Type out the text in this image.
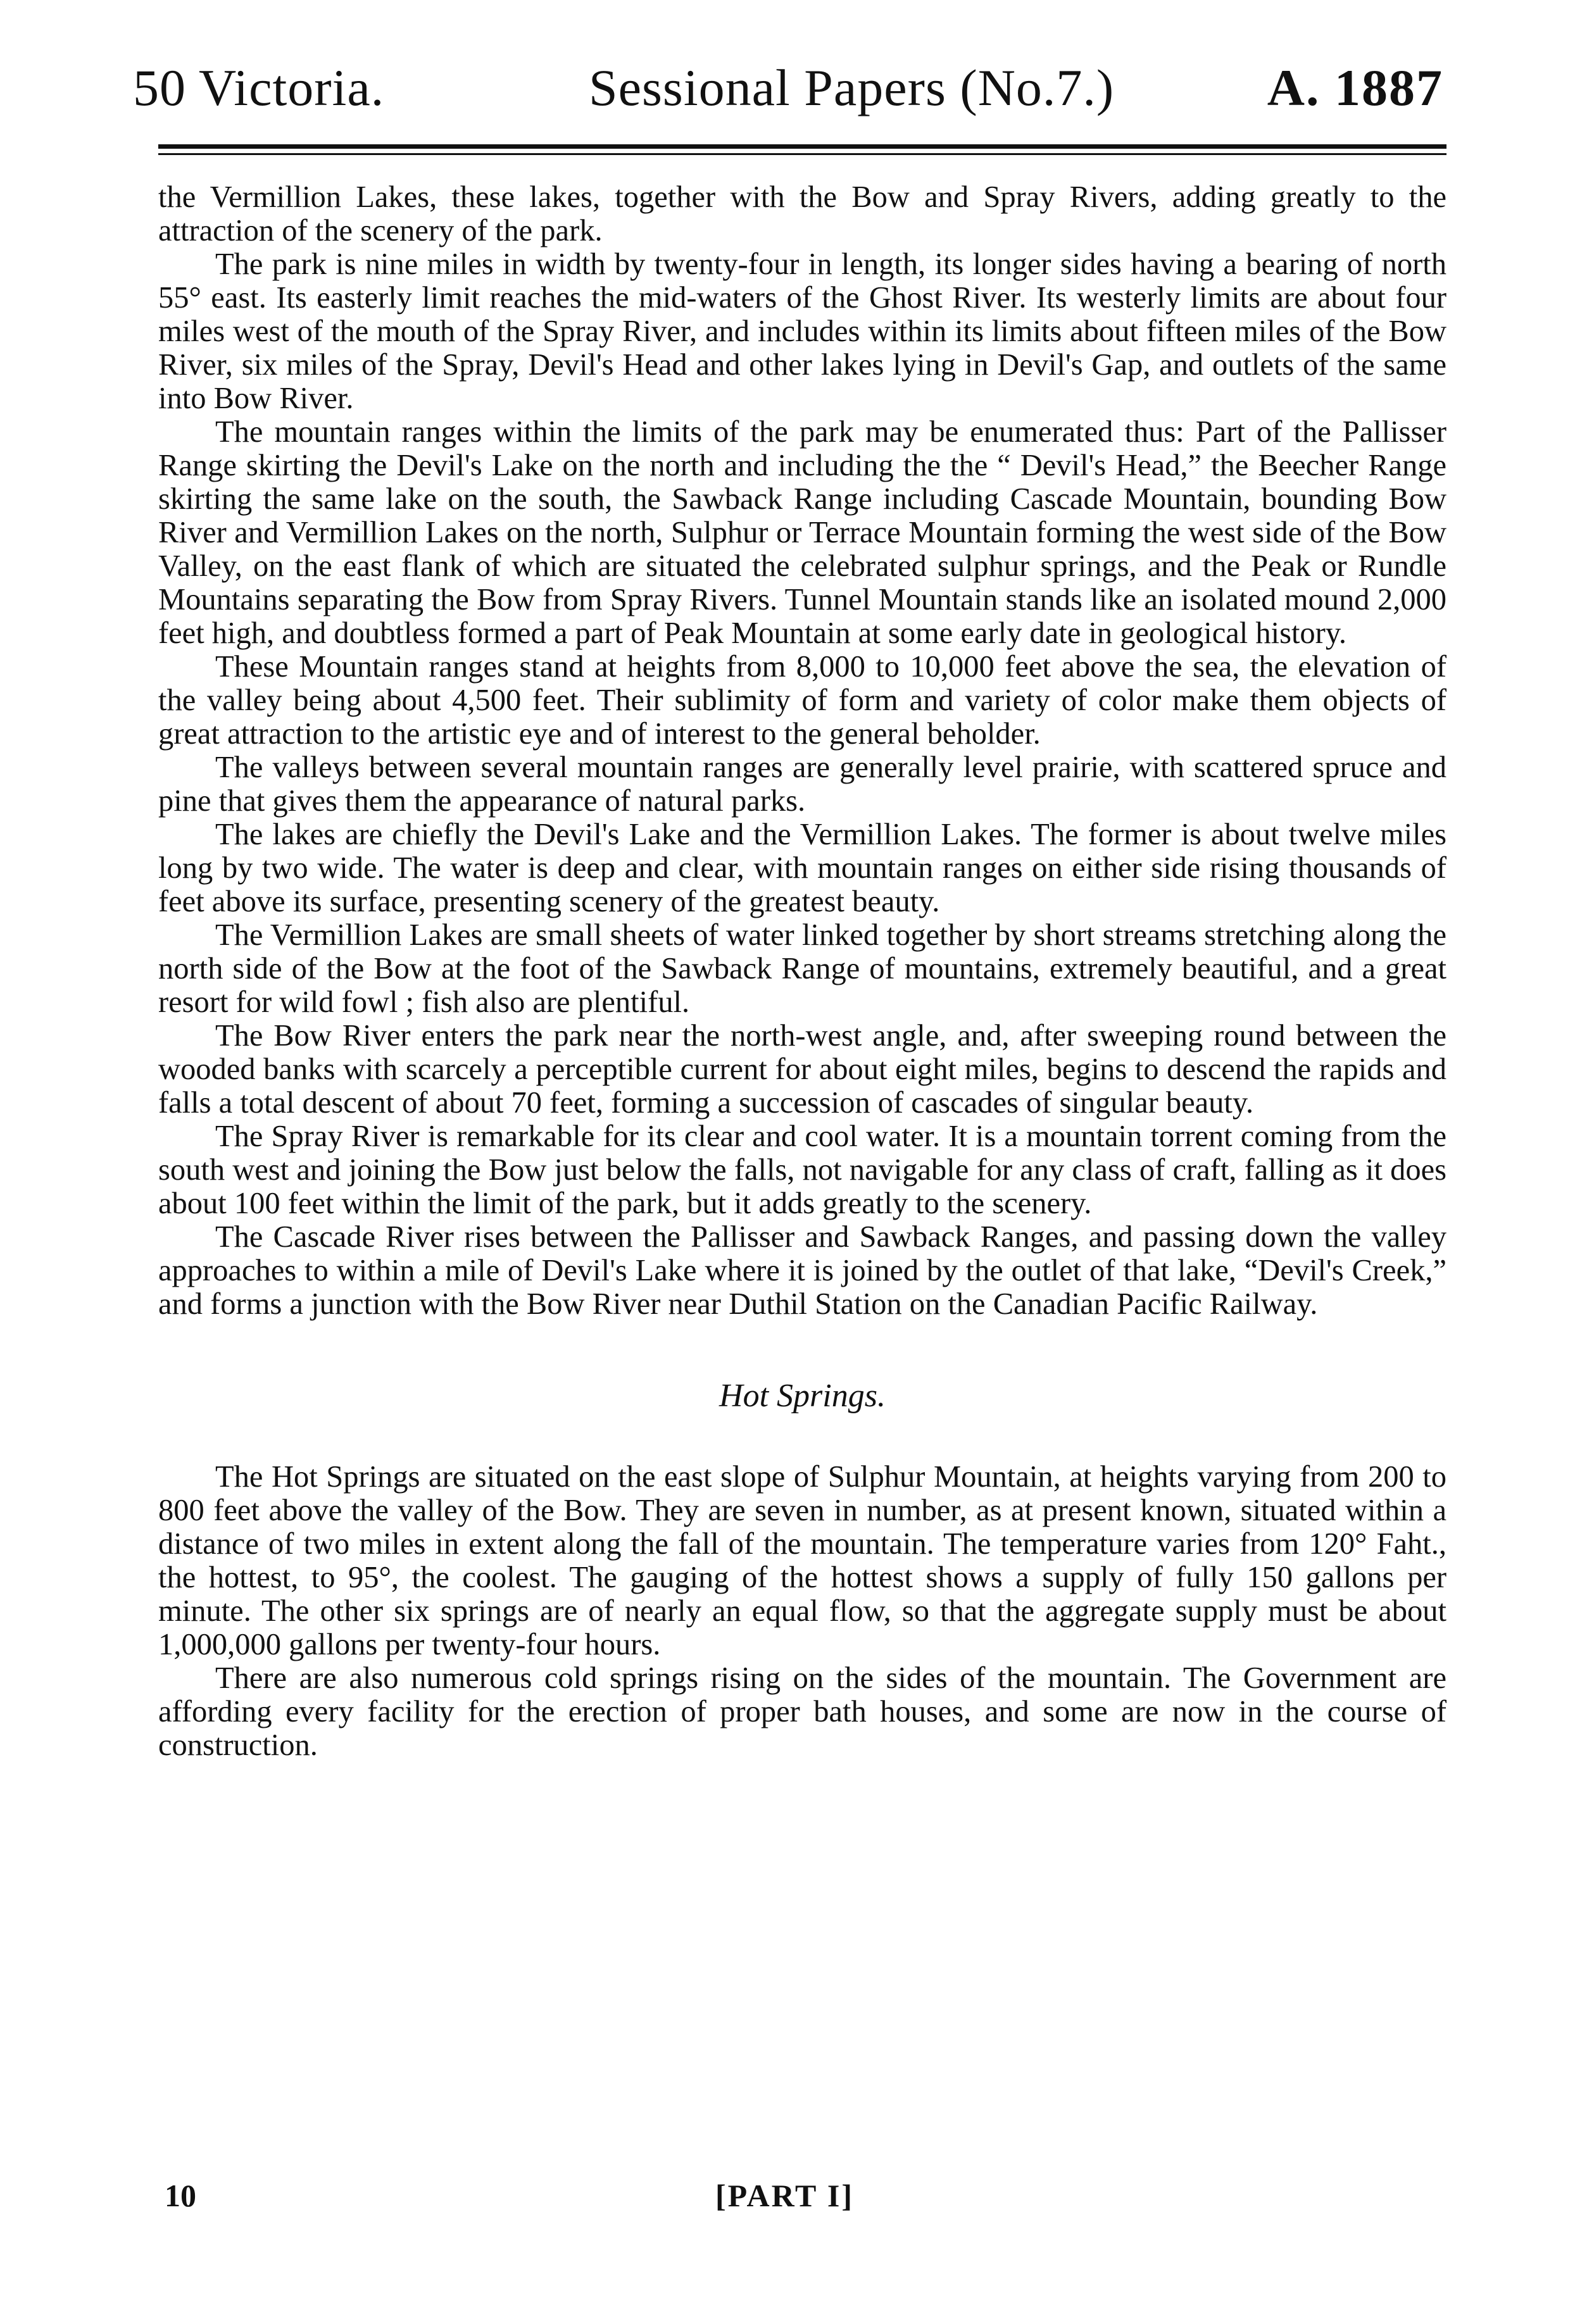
50 Victoria.	Sessional Papers (No.7.)	A. 1887

the Vermillion Lakes, these lakes, together with the Bow and Spray Rivers, adding greatly to the attraction of the scenery of the park.

The park is nine miles in width by twenty-four in length, its longer sides having a bearing of north 55° east. Its easterly limit reaches the mid-waters of the Ghost River. Its westerly limits are about four miles west of the mouth of the Spray River, and includes within its limits about fifteen miles of the Bow River, six miles of the Spray, Devil's Head and other lakes lying in Devil's Gap, and outlets of the same into Bow River.

The mountain ranges within the limits of the park may be enumerated thus: Part of the Pallisser Range skirting the Devil's Lake on the north and including the the “ Devil's Head,” the Beecher Range skirting the same lake on the south, the Sawback Range including Cascade Mountain, bounding Bow River and Vermillion Lakes on the north, Sulphur or Terrace Mountain forming the west side of the Bow Valley, on the east flank of which are situated the celebrated sulphur springs, and the Peak or Rundle Mountains separating the Bow from Spray Rivers. Tunnel Mountain stands like an isolated mound 2,000 feet high, and doubtless formed a part of Peak Mountain at some early date in geological history.

These Mountain ranges stand at heights from 8,000 to 10,000 feet above the sea, the elevation of the valley being about 4,500 feet. Their sublimity of form and variety of color make them objects of great attraction to the artistic eye and of interest to the general beholder.

The valleys between several mountain ranges are generally level prairie, with scattered spruce and pine that gives them the appearance of natural parks.

The lakes are chiefly the Devil's Lake and the Vermillion Lakes. The former is about twelve miles long by two wide. The water is deep and clear, with mountain ranges on either side rising thousands of feet above its surface, presenting scenery of the greatest beauty.

The Vermillion Lakes are small sheets of water linked together by short streams stretching along the north side of the Bow at the foot of the Sawback Range of mountains, extremely beautiful, and a great resort for wild fowl ; fish also are plentiful.

The Bow River enters the park near the north-west angle, and, after sweeping round between the wooded banks with scarcely a perceptible current for about eight miles, begins to descend the rapids and falls a total descent of about 70 feet, forming a succession of cascades of singular beauty.

The Spray River is remarkable for its clear and cool water. It is a mountain torrent coming from the south west and joining the Bow just below the falls, not navigable for any class of craft, falling as it does about 100 feet within the limit of the park, but it adds greatly to the scenery.

The Cascade River rises between the Pallisser and Sawback Ranges, and passing down the valley approaches to within a mile of Devil's Lake where it is joined by the outlet of that lake, “Devil's Creek,” and forms a junction with the Bow River near Duthil Station on the Canadian Pacific Railway.

Hot Springs.

The Hot Springs are situated on the east slope of Sulphur Mountain, at heights varying from 200 to 800 feet above the valley of the Bow. They are seven in number, as at present known, situated within a distance of two miles in extent along the fall of the mountain. The temperature varies from 120° Faht., the hottest, to 95°, the coolest. The gauging of the hottest shows a supply of fully 150 gallons per minute. The other six springs are of nearly an equal flow, so that the aggregate supply must be about 1,000,000 gallons per twenty-four hours.

There are also numerous cold springs rising on the sides of the mountain. The Government are affording every facility for the erection of proper bath houses, and some are now in the course of construction.

10	[PART I]
